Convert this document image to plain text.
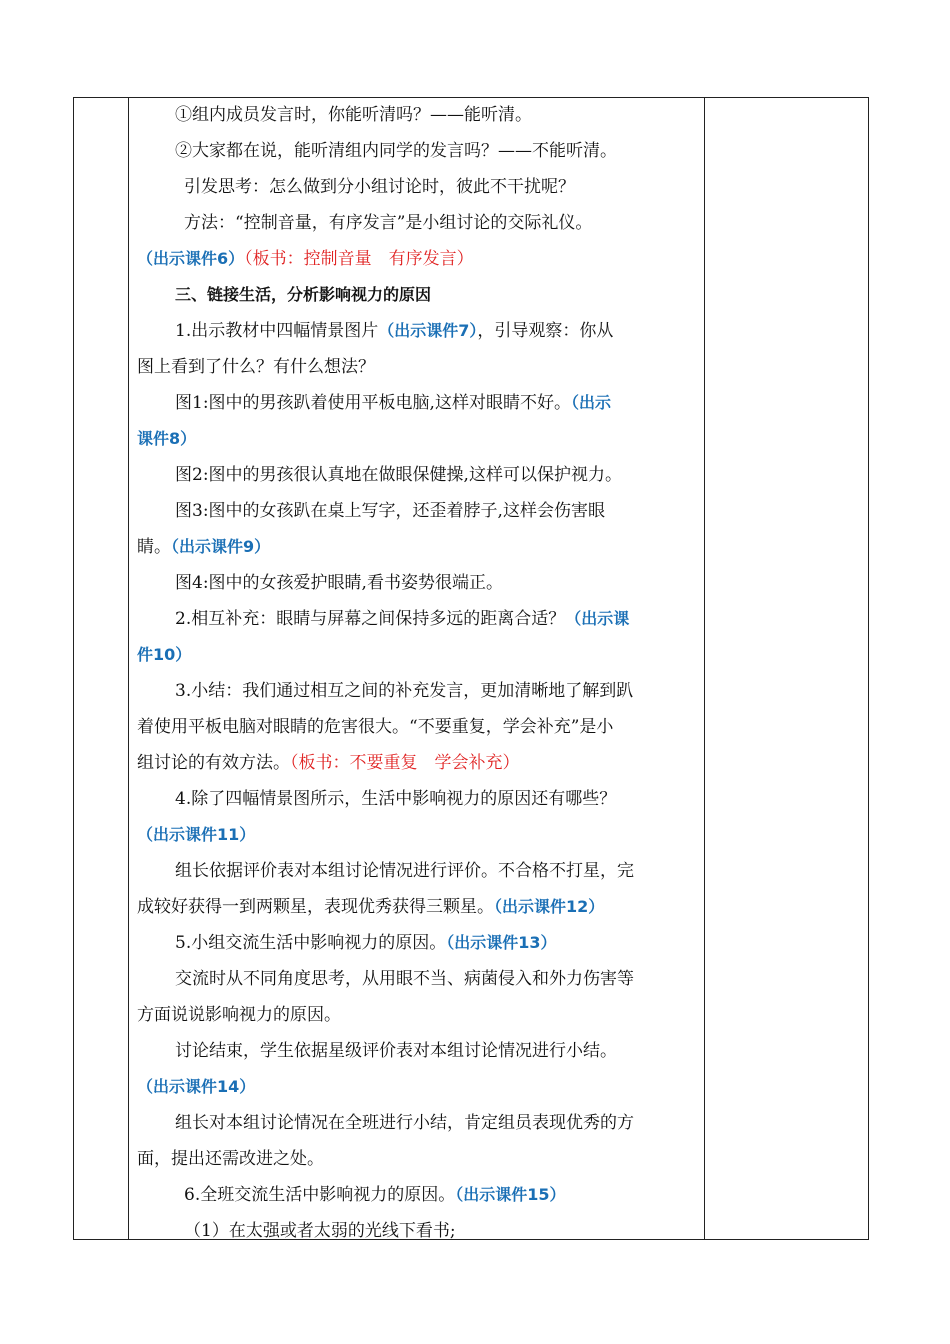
①组内成员发言时，你能听清吗？——能听清。

②大家都在说，能听清组内同学的发言吗？——不能听清。

引发思考：怎么做到分小组讨论时，彼此不干扰呢？

方法：“控制音量，有序发言”是小组讨论的交际礼仪。

（出示课件6）（板书：控制音量　有序发言）

三、链接生活，分析影响视力的原因

1.出示教材中四幅情景图片（出示课件7），引导观察：你从

图上看到了什么？有什么想法？

图1:图中的男孩趴着使用平板电脑,这样对眼睛不好。（出示

课件8）

图2:图中的男孩很认真地在做眼保健操,这样可以保护视力。

图3:图中的女孩趴在桌上写字，还歪着脖子,这样会伤害眼

睛。（出示课件9）

图4:图中的女孩爱护眼睛,看书姿势很端正。

2.相互补充：眼睛与屏幕之间保持多远的距离合适？（出示课

件10）

3.小结：我们通过相互之间的补充发言，更加清晰地了解到趴

着使用平板电脑对眼睛的危害很大。“不要重复，学会补充”是小

组讨论的有效方法。（板书：不要重复　学会补充）

4.除了四幅情景图所示，生活中影响视力的原因还有哪些？

（出示课件11）

组长依据评价表对本组讨论情况进行评价。不合格不打星，完

成较好获得一到两颗星，表现优秀获得三颗星。（出示课件12）

5.小组交流生活中影响视力的原因。（出示课件13）

交流时从不同角度思考，从用眼不当、病菌侵入和外力伤害等

方面说说影响视力的原因。

讨论结束，学生依据星级评价表对本组讨论情况进行小结。

（出示课件14）

组长对本组讨论情况在全班进行小结，肯定组员表现优秀的方

面，提出还需改进之处。

6.全班交流生活中影响视力的原因。（出示课件15）

（1）在太强或者太弱的光线下看书;
